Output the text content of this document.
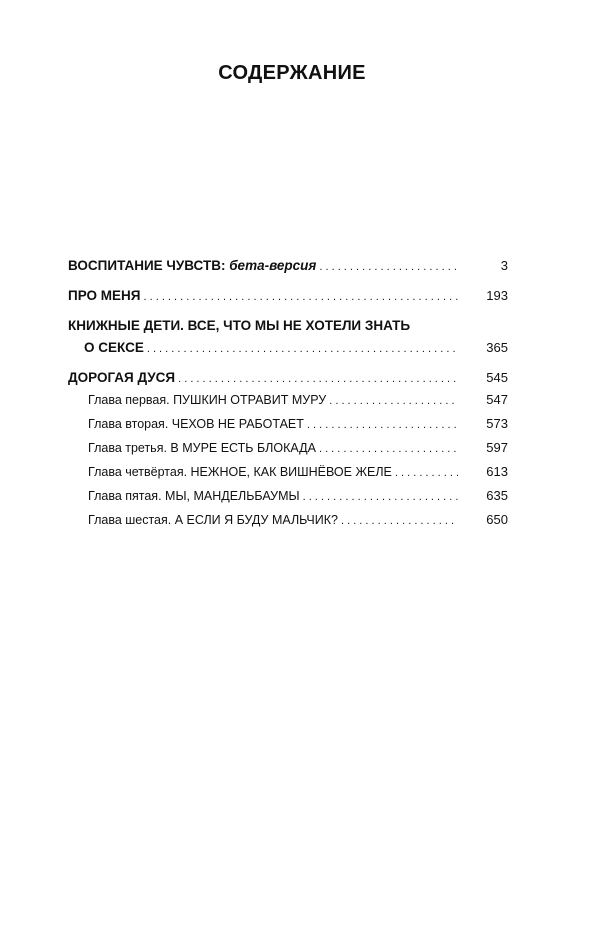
СОДЕРЖАНИЕ
ВОСПИТАНИЕ ЧУВСТВ: бета-версия . . .	3
ПРО МЕНЯ . . .	193
КНИЖНЫЕ ДЕТИ. ВСЕ, ЧТО МЫ НЕ ХОТЕЛИ ЗНАТЬ
О СЕКСЕ . . .	365
ДОРОГАЯ ДУСЯ . . .	545
Глава первая. ПУШКИН ОТРАВИТ МУРУ . . .	547
Глава вторая. ЧЕХОВ НЕ РАБОТАЕТ . . .	573
Глава третья. В МУРЕ ЕСТЬ БЛОКАДА . . .	597
Глава четвёртая. НЕЖНОЕ, КАК ВИШНЁВОЕ ЖЕЛЕ . . .	613
Глава пятая. МЫ, МАНДЕЛЬБАУМЫ . . .	635
Глава шестая. А ЕСЛИ Я БУДУ МАЛЬЧИК? . . .	650
